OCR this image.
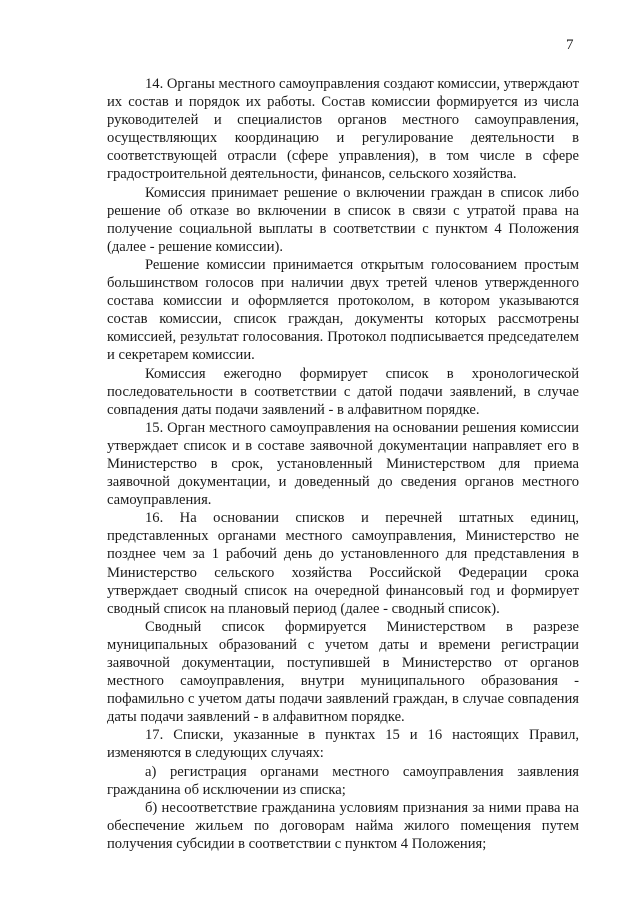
7

14. Органы местного самоуправления создают комиссии, утверждают их состав и порядок их работы. Состав комиссии формируется из числа руководителей и специалистов органов местного самоуправления, осуществляющих координацию и регулирование деятельности в соответствующей отрасли (сфере управления), в том числе в сфере градостроительной деятельности, финансов, сельского хозяйства.

Комиссия принимает решение о включении граждан в список либо решение об отказе во включении в список в связи с утратой права на получение социальной выплаты в соответствии с пунктом 4 Положения (далее - решение комиссии).

Решение комиссии принимается открытым голосованием простым большинством голосов при наличии двух третей членов утвержденного состава комиссии и оформляется протоколом, в котором указываются состав комиссии, список граждан, документы которых рассмотрены комиссией, результат голосования. Протокол подписывается председателем и секретарем комиссии.

Комиссия ежегодно формирует список в хронологической последовательности в соответствии с датой подачи заявлений, в случае совпадения даты подачи заявлений - в алфавитном порядке.

15. Орган местного самоуправления на основании решения комиссии утверждает список и в составе заявочной документации направляет его в Министерство в срок, установленный Министерством для приема заявочной документации, и доведенный до сведения органов местного самоуправления.

16. На основании списков и перечней штатных единиц, представленных органами местного самоуправления, Министерство не позднее чем за 1 рабочий день до установленного для представления в Министерство сельского хозяйства Российской Федерации срока утверждает сводный список на очередной финансовый год и формирует сводный список на плановый период (далее - сводный список).

Сводный список формируется Министерством в разрезе муниципальных образований с учетом даты и времени регистрации заявочной документации, поступившей в Министерство от органов местного самоуправления, внутри муниципального образования - пофамильно с учетом даты подачи заявлений граждан, в случае совпадения даты подачи заявлений - в алфавитном порядке.

17. Списки, указанные в пунктах 15 и 16 настоящих Правил, изменяются в следующих случаях:

а) регистрация органами местного самоуправления заявления гражданина об исключении из списка;

б) несоответствие гражданина условиям признания за ними права на обеспечение жильем по договорам найма жилого помещения путем получения субсидии в соответствии с пунктом 4 Положения;
